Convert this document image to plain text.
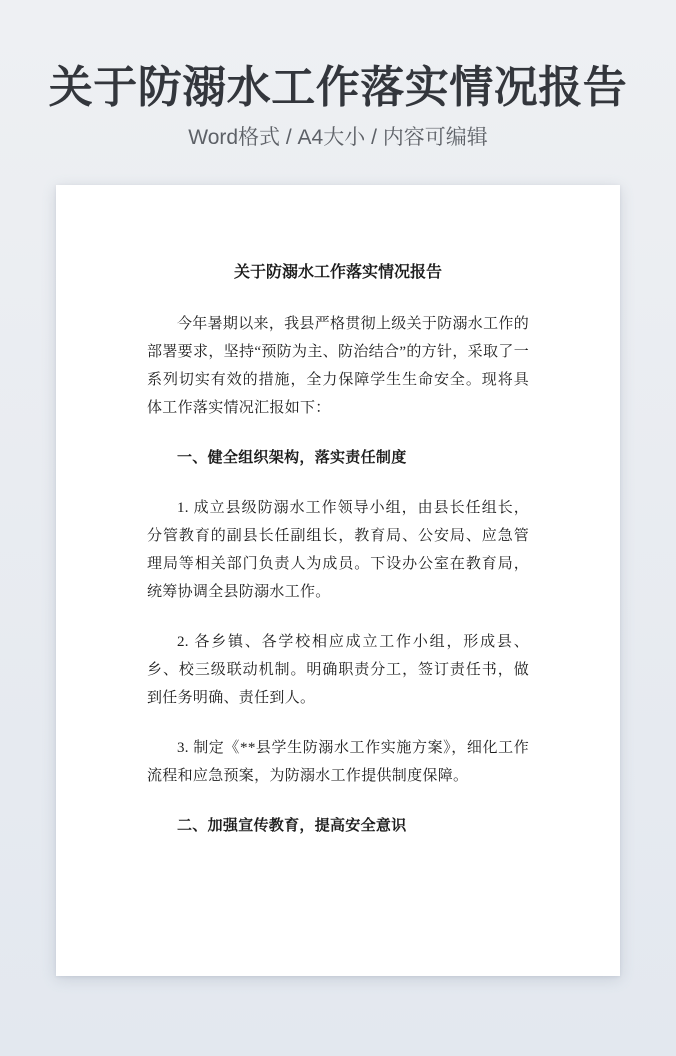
关于防溺水工作落实情况报告

Word格式 / A4大小 / 内容可编辑

关于防溺水工作落实情况报告

今年暑期以来，我县严格贯彻上级关于防溺水工作的部署要求，坚持“预防为主、防治结合”的方针，采取了一系列切实有效的措施，全力保障学生生命安全。现将具体工作落实情况汇报如下：

一、健全组织架构，落实责任制度

1. 成立县级防溺水工作领导小组，由县长任组长，分管教育的副县长任副组长，教育局、公安局、应急管理局等相关部门负责人为成员。下设办公室在教育局，统筹协调全县防溺水工作。

2. 各乡镇、各学校相应成立工作小组，形成县、乡、校三级联动机制。明确职责分工，签订责任书，做到任务明确、责任到人。

3. 制定《**县学生防溺水工作实施方案》，细化工作流程和应急预案，为防溺水工作提供制度保障。

二、加强宣传教育，提高安全意识
